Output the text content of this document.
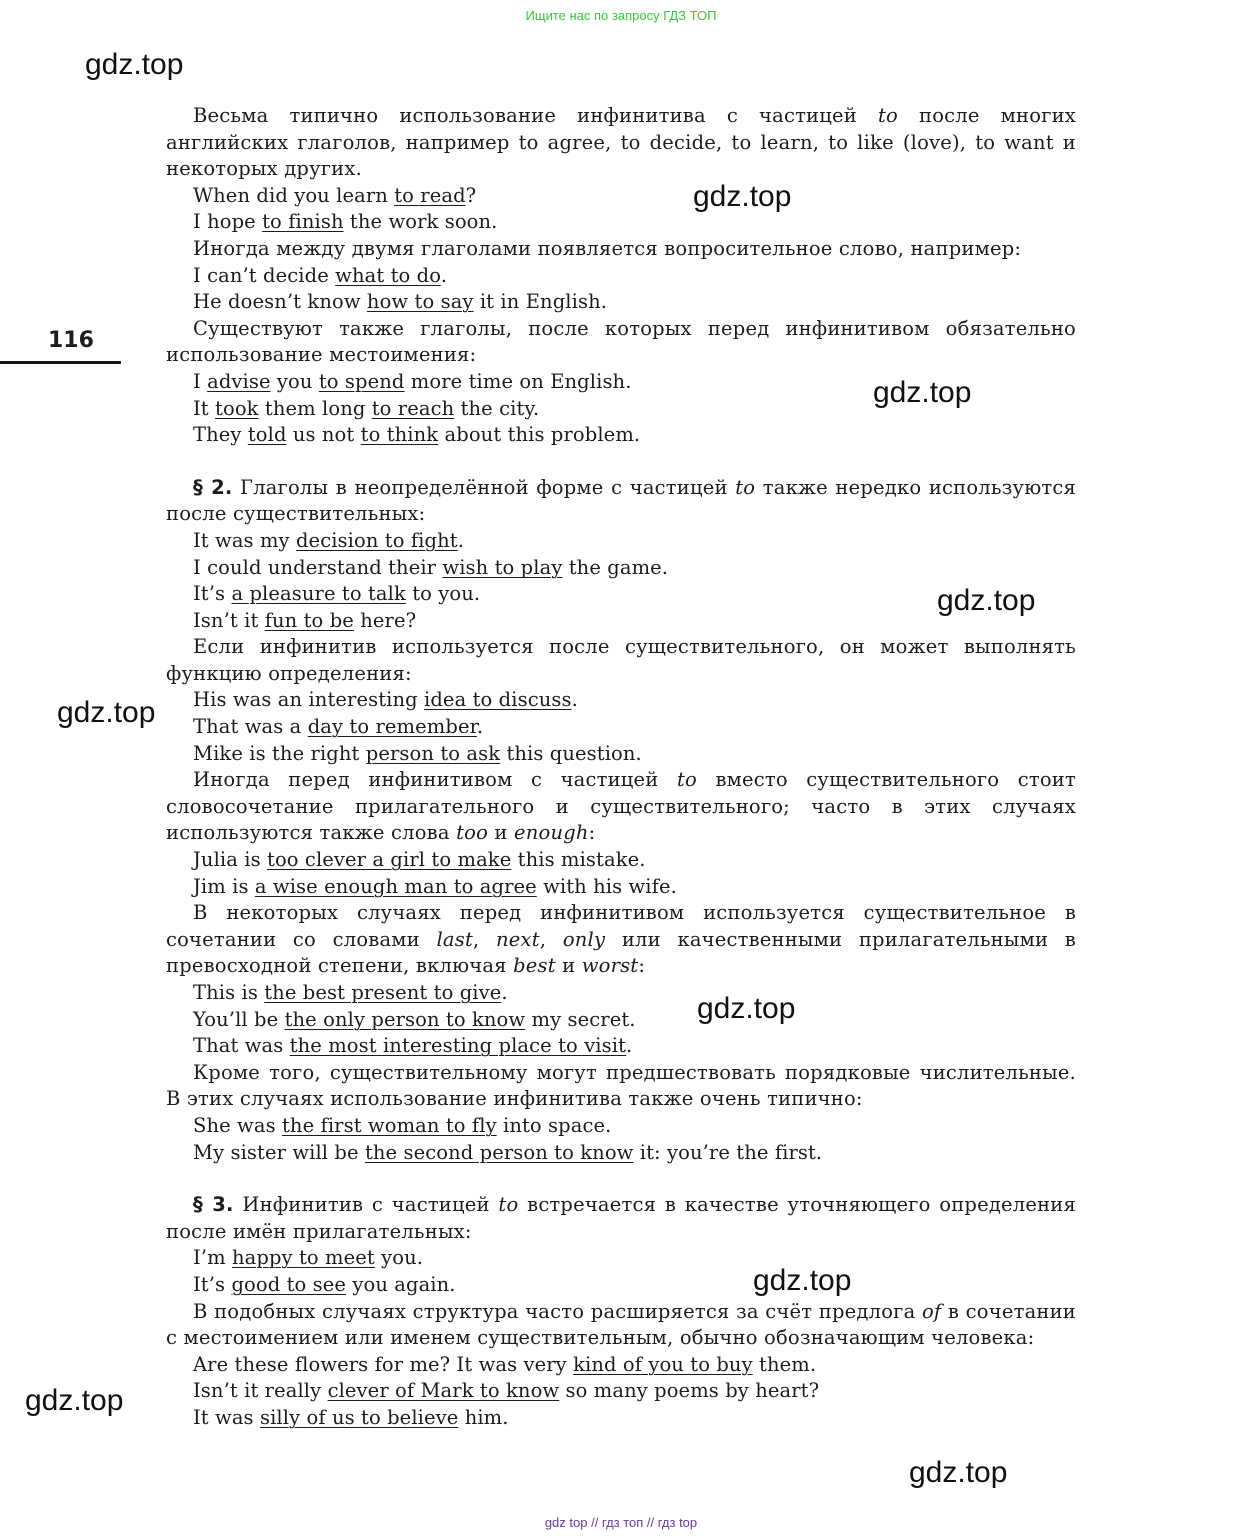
Ищите нас по запросу ГДЗ ТОП
gdz.top
gdz.top
gdz.top
gdz.top
gdz.top
gdz.top
gdz.top
gdz.top
gdz.top
116

Весьма типично использование инфинитива с частицей to после многих английских глаголов, например to agree, to decide, to learn, to like (love), to want и некоторых других.

When did you learn to read?

I hope to finish the work soon.

Иногда между двумя глаголами появляется вопросительное слово, например:

I can’t decide what to do.

He doesn’t know how to say it in English.

Существуют также глаголы, после которых перед инфинитивом обязательно использование местоимения:

I advise you to spend more time on English.

It took them long to reach the city.

They told us not to think about this problem.

§ 2. Глаголы в неопределённой форме с частицей to также нередко используются после существительных:

It was my decision to fight.

I could understand their wish to play the game.

It’s a pleasure to talk to you.

Isn’t it fun to be here?

Если инфинитив используется после существительного, он может выполнять функцию определения:

His was an interesting idea to discuss.

That was a day to remember.

Mike is the right person to ask this question.

Иногда перед инфинитивом с частицей to вместо существительного стоит словосочетание прилагательного и существительного; часто в этих случаях используются также слова too и enough:

Julia is too clever a girl to make this mistake.

Jim is a wise enough man to agree with his wife.

В некоторых случаях перед инфинитивом используется существительное в сочетании со словами last, next, only или качественными прилагательными в превосходной степени, включая best и worst:

This is the best present to give.

You’ll be the only person to know my secret.

That was the most interesting place to visit.

Кроме того, существительному могут предшествовать порядковые числительные. В этих случаях использование инфинитива также очень типично:

She was the first woman to fly into space.

My sister will be the second person to know it: you’re the first.

§ 3. Инфинитив с частицей to встречается в качестве уточняющего определения после имён прилагательных:

I’m happy to meet you.

It’s good to see you again.

В подобных случаях структура часто расширяется за счёт предлога of в сочетании с местоимением или именем существительным, обычно обозначающим человека:

Are these flowers for me? It was very kind of you to buy them.

Isn’t it really clever of Mark to know so many poems by heart?

It was silly of us to believe him.

gdz top // гдз топ // гдз top
